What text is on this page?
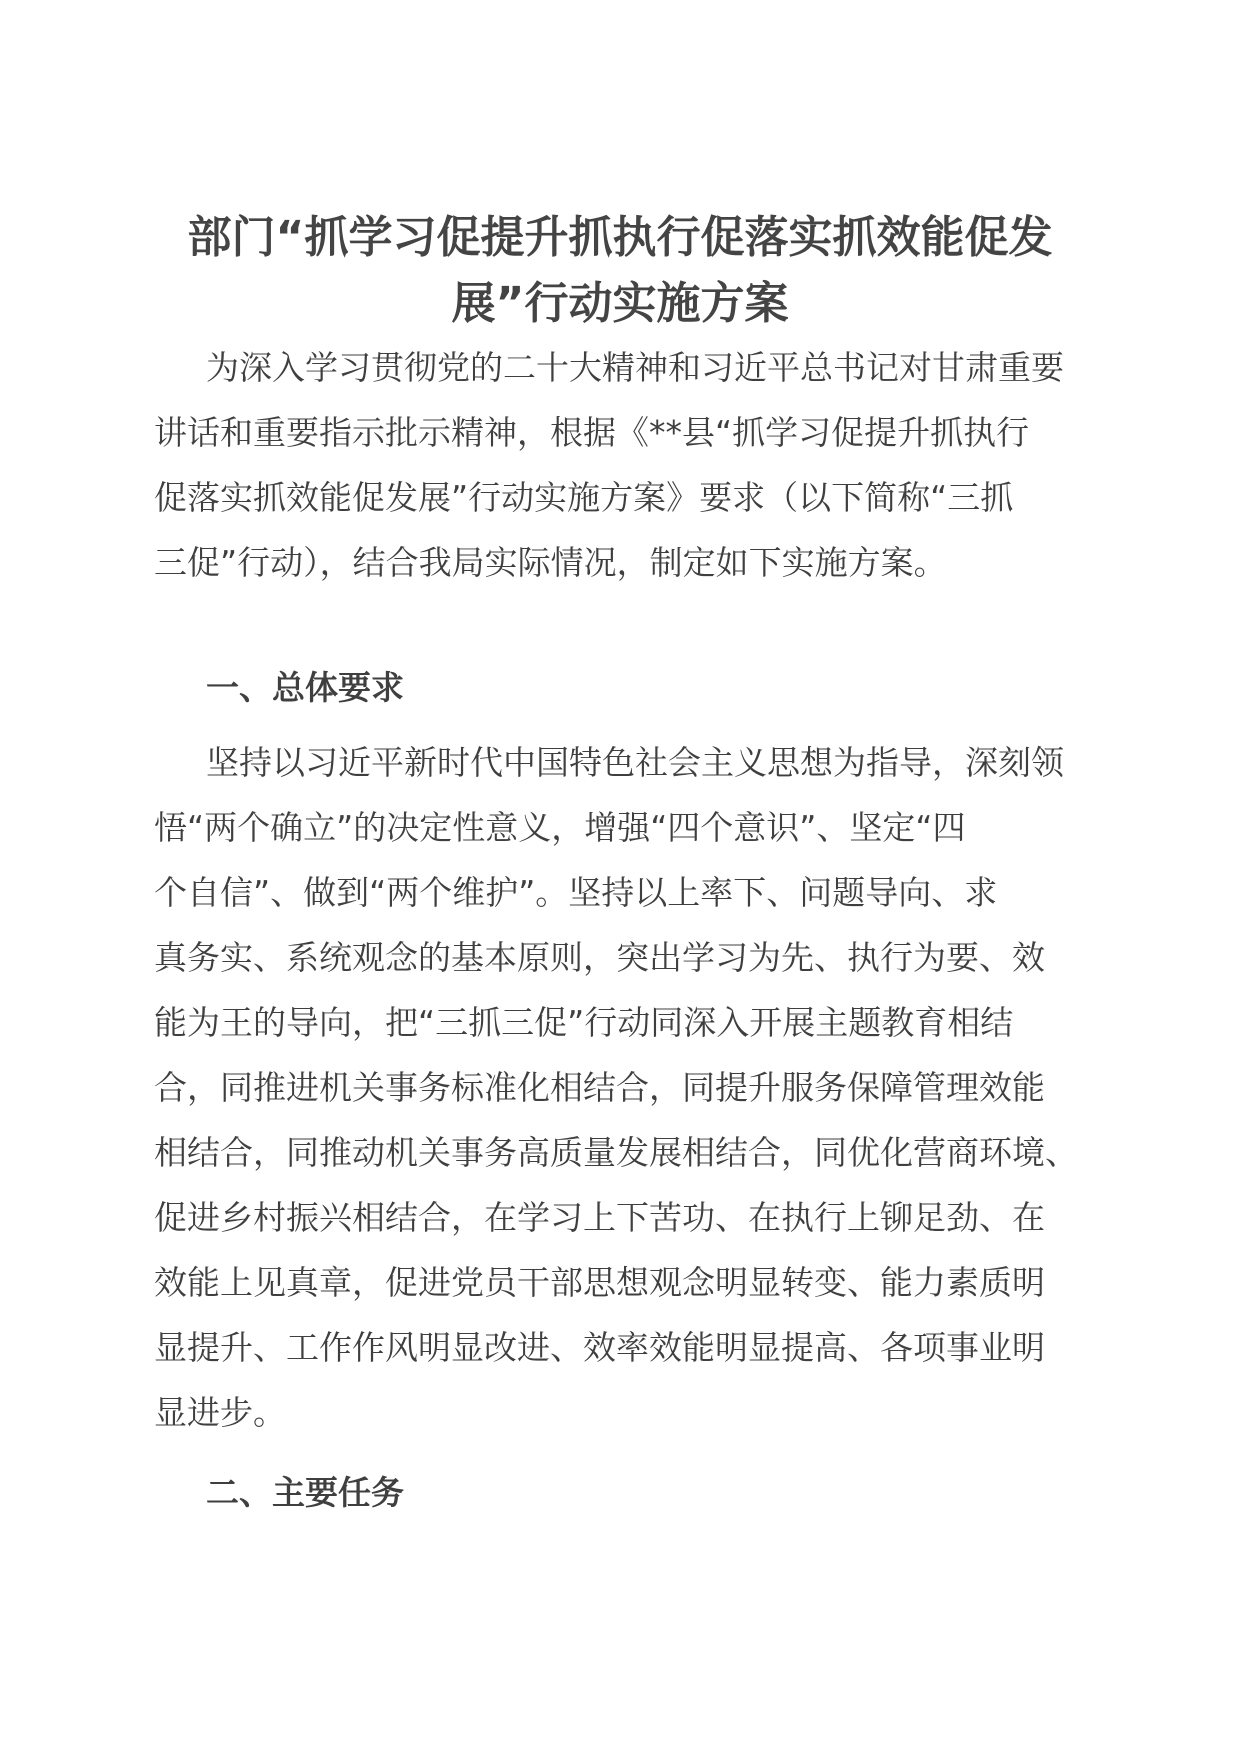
部门“抓学习促提升抓执行促落实抓效能促发
展”行动实施方案
为深入学习贯彻党的二十大精神和习近平总书记对甘肃重要
讲话和重要指示批示精神，根据《**县“抓学习促提升抓执行
促落实抓效能促发展”行动实施方案》要求（以下简称“三抓
三促”行动），结合我局实际情况，制定如下实施方案。
一、总体要求
坚持以习近平新时代中国特色社会主义思想为指导，深刻领
悟“两个确立”的决定性意义，增强“四个意识”、坚定“四
个自信”、做到“两个维护”。坚持以上率下、问题导向、求
真务实、系统观念的基本原则，突出学习为先、执行为要、效
能为王的导向，把“三抓三促”行动同深入开展主题教育相结
合，同推进机关事务标准化相结合，同提升服务保障管理效能
相结合，同推动机关事务高质量发展相结合，同优化营商环境、
促进乡村振兴相结合，在学习上下苦功、在执行上铆足劲、在
效能上见真章，促进党员干部思想观念明显转变、能力素质明
显提升、工作作风明显改进、效率效能明显提高、各项事业明
显进步。
二、主要任务
